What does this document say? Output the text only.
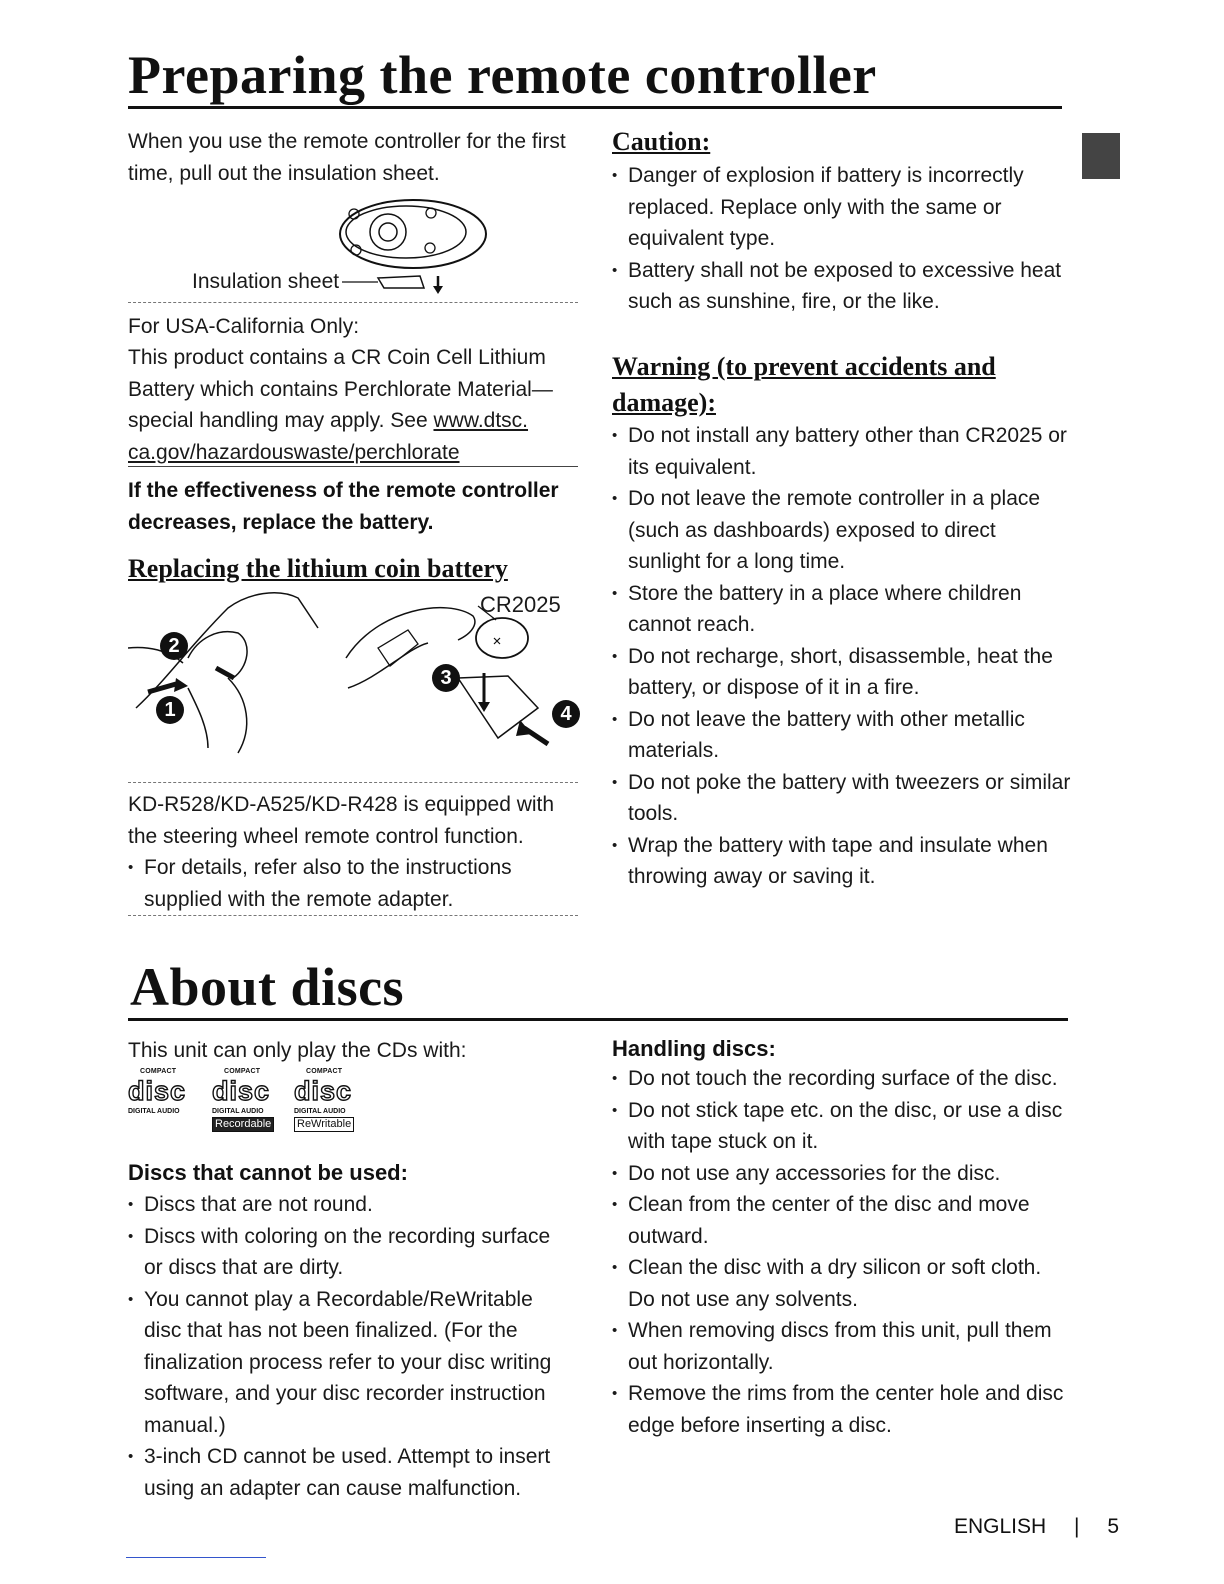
Preparing the remote controller

When you use the remote controller for the first time, pull out the insulation sheet.

Insulation sheet

For USA-California Only:

This product contains a CR Coin Cell Lithium Battery which contains Perchlorate Material—special handling may apply. See www.dtsc. ca.gov/hazardouswaste/perchlorate

If the effectiveness of the remote controller decreases, replace the battery.

Replacing the lithium coin battery

CR2025
1
2
3
4

KD-R528/KD-A525/KD-R428 is equipped with the steering wheel remote control function.

• For details, refer also to the instructions supplied with the remote adapter.

Caution:

• Danger of explosion if battery is incorrectly replaced. Replace only with the same or equivalent type.
• Battery shall not be exposed to excessive heat such as sunshine, fire, or the like.

Warning (to prevent accidents and

damage):

• Do not install any battery other than CR2025 or its equivalent.
• Do not leave the remote controller in a place (such as dashboards) exposed to direct sunlight for a long time.
• Store the battery in a place where children cannot reach.
• Do not recharge, short, disassemble, heat the battery, or dispose of it in a fire.
• Do not leave the battery with other metallic materials.
• Do not poke the battery with tweezers or similar tools.
• Wrap the battery with tape and insulate when throwing away or saving it.
About discs

This unit can only play the CDs with:

COMPACT
disc
DIGITAL AUDIO
COMPACT
disc
DIGITAL AUDIO
Recordable
COMPACT
disc
DIGITAL AUDIO
ReWritable

Discs that cannot be used:

• Discs that are not round.
• Discs with coloring on the recording surface or discs that are dirty.
• You cannot play a Recordable/ReWritable disc that has not been finalized. (For the finalization process refer to your disc writing software, and your disc recorder instruction manual.)
• 3-inch CD cannot be used. Attempt to insert using an adapter can cause malfunction.

Handling discs:

• Do not touch the recording surface of the disc.
• Do not stick tape etc. on the disc, or use a disc with tape stuck on it.
• Do not use any accessories for the disc.
• Clean from the center of the disc and move outward.
• Clean the disc with a dry silicon or soft cloth. Do not use any solvents.
• When removing discs from this unit, pull them out horizontally.
• Remove the rims from the center hole and disc edge before inserting a disc.
ENGLISH | 5
